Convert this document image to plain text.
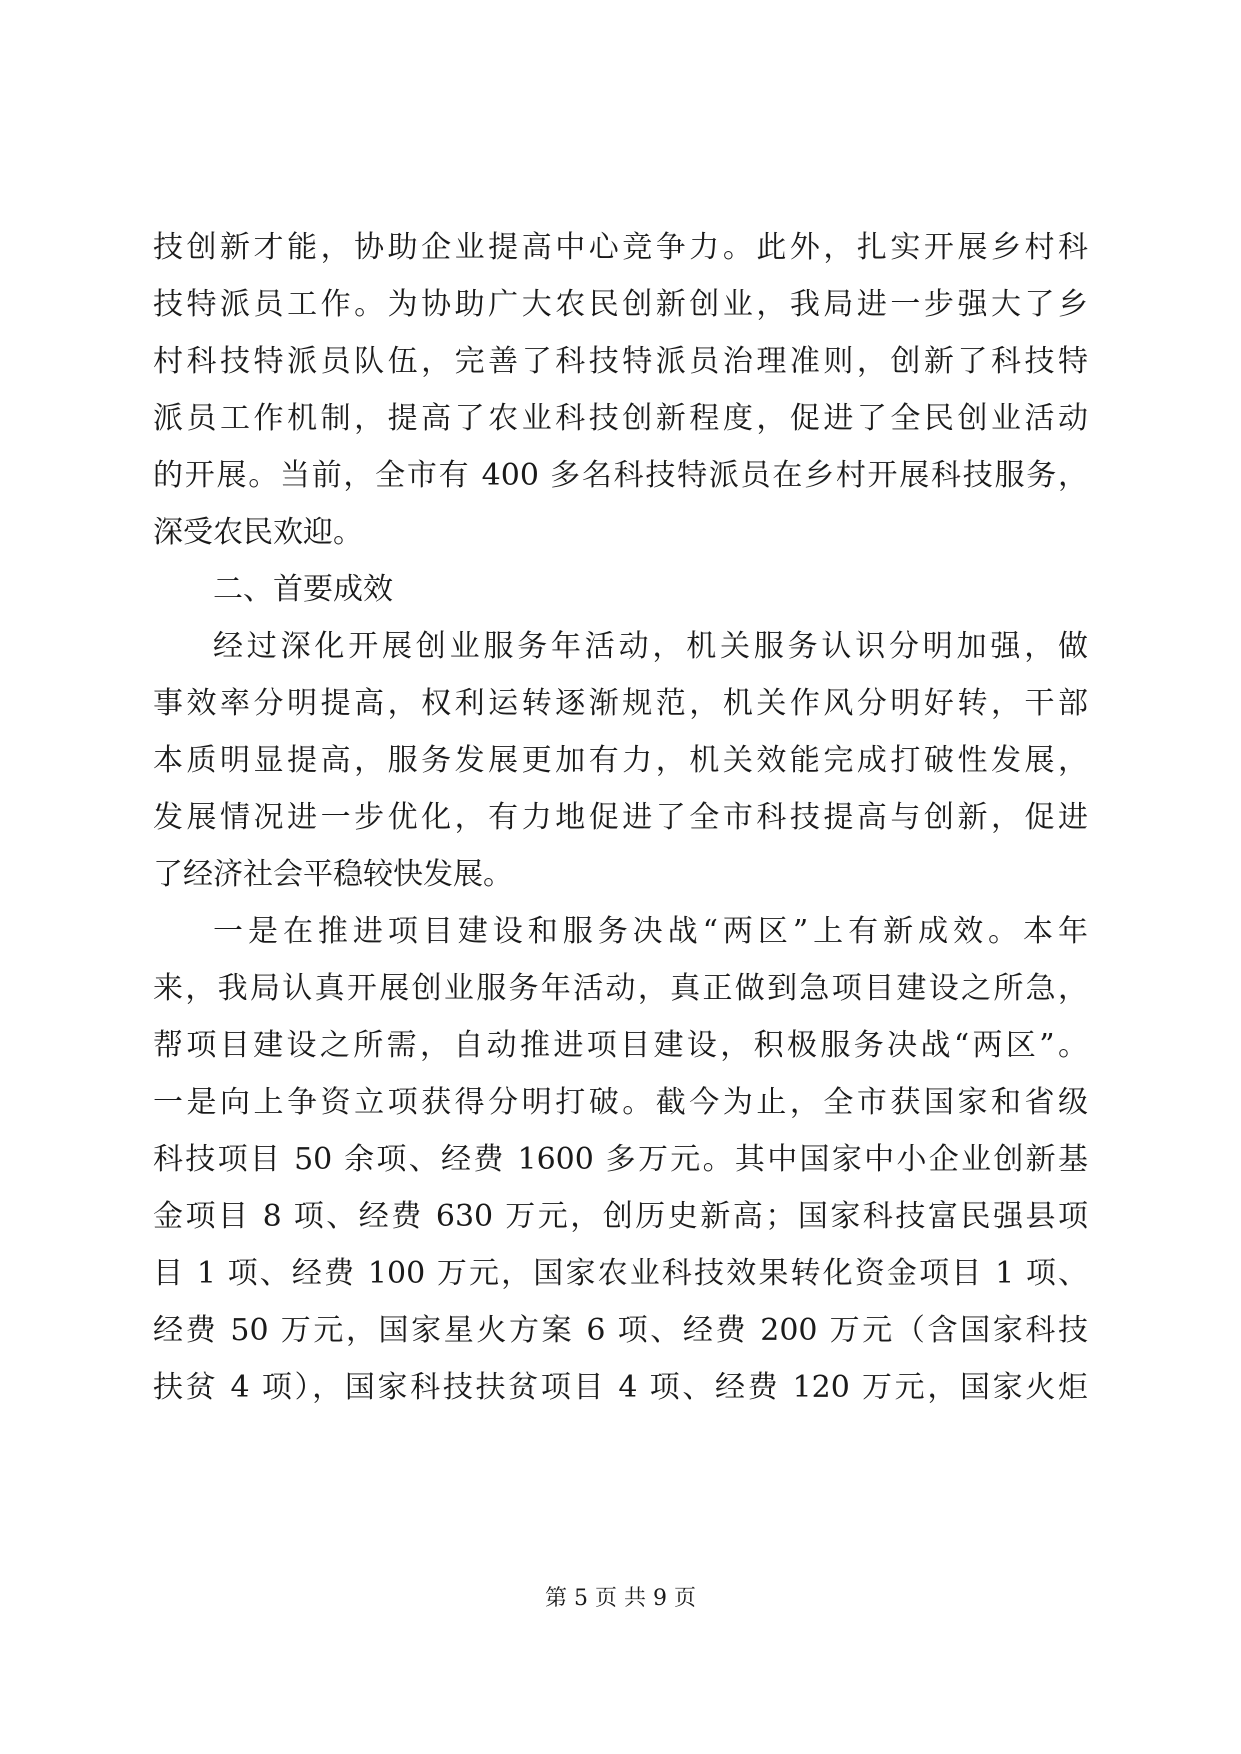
技创新才能，协助企业提高中心竞争力。此外，扎实开展乡村科
技特派员工作。为协助广大农民创新创业，我局进一步强大了乡
村科技特派员队伍，完善了科技特派员治理准则，创新了科技特
派员工作机制，提高了农业科技创新程度，促进了全民创业活动
的开展。当前，全市有 400 多名科技特派员在乡村开展科技服务，
深受农民欢迎。
二、首要成效
经过深化开展创业服务年活动，机关服务认识分明加强，做
事效率分明提高，权利运转逐渐规范，机关作风分明好转，干部
本质明显提高，服务发展更加有力，机关效能完成打破性发展，
发展情况进一步优化，有力地促进了全市科技提高与创新，促进
了经济社会平稳较快发展。
一是在推进项目建设和服务决战“两区”上有新成效。本年
来，我局认真开展创业服务年活动，真正做到急项目建设之所急，
帮项目建设之所需，自动推进项目建设，积极服务决战“两区”。
一是向上争资立项获得分明打破。截今为止，全市获国家和省级
科技项目 50 余项、经费 1600 多万元。其中国家中小企业创新基
金项目 8 项、经费 630 万元，创历史新高；国家科技富民强县项
目 1 项、经费 100 万元，国家农业科技效果转化资金项目 1 项、
经费 50 万元，国家星火方案 6 项、经费 200 万元（含国家科技
扶贫 4 项），国家科技扶贫项目 4 项、经费 120 万元，国家火炬
第 5 页 共 9 页
